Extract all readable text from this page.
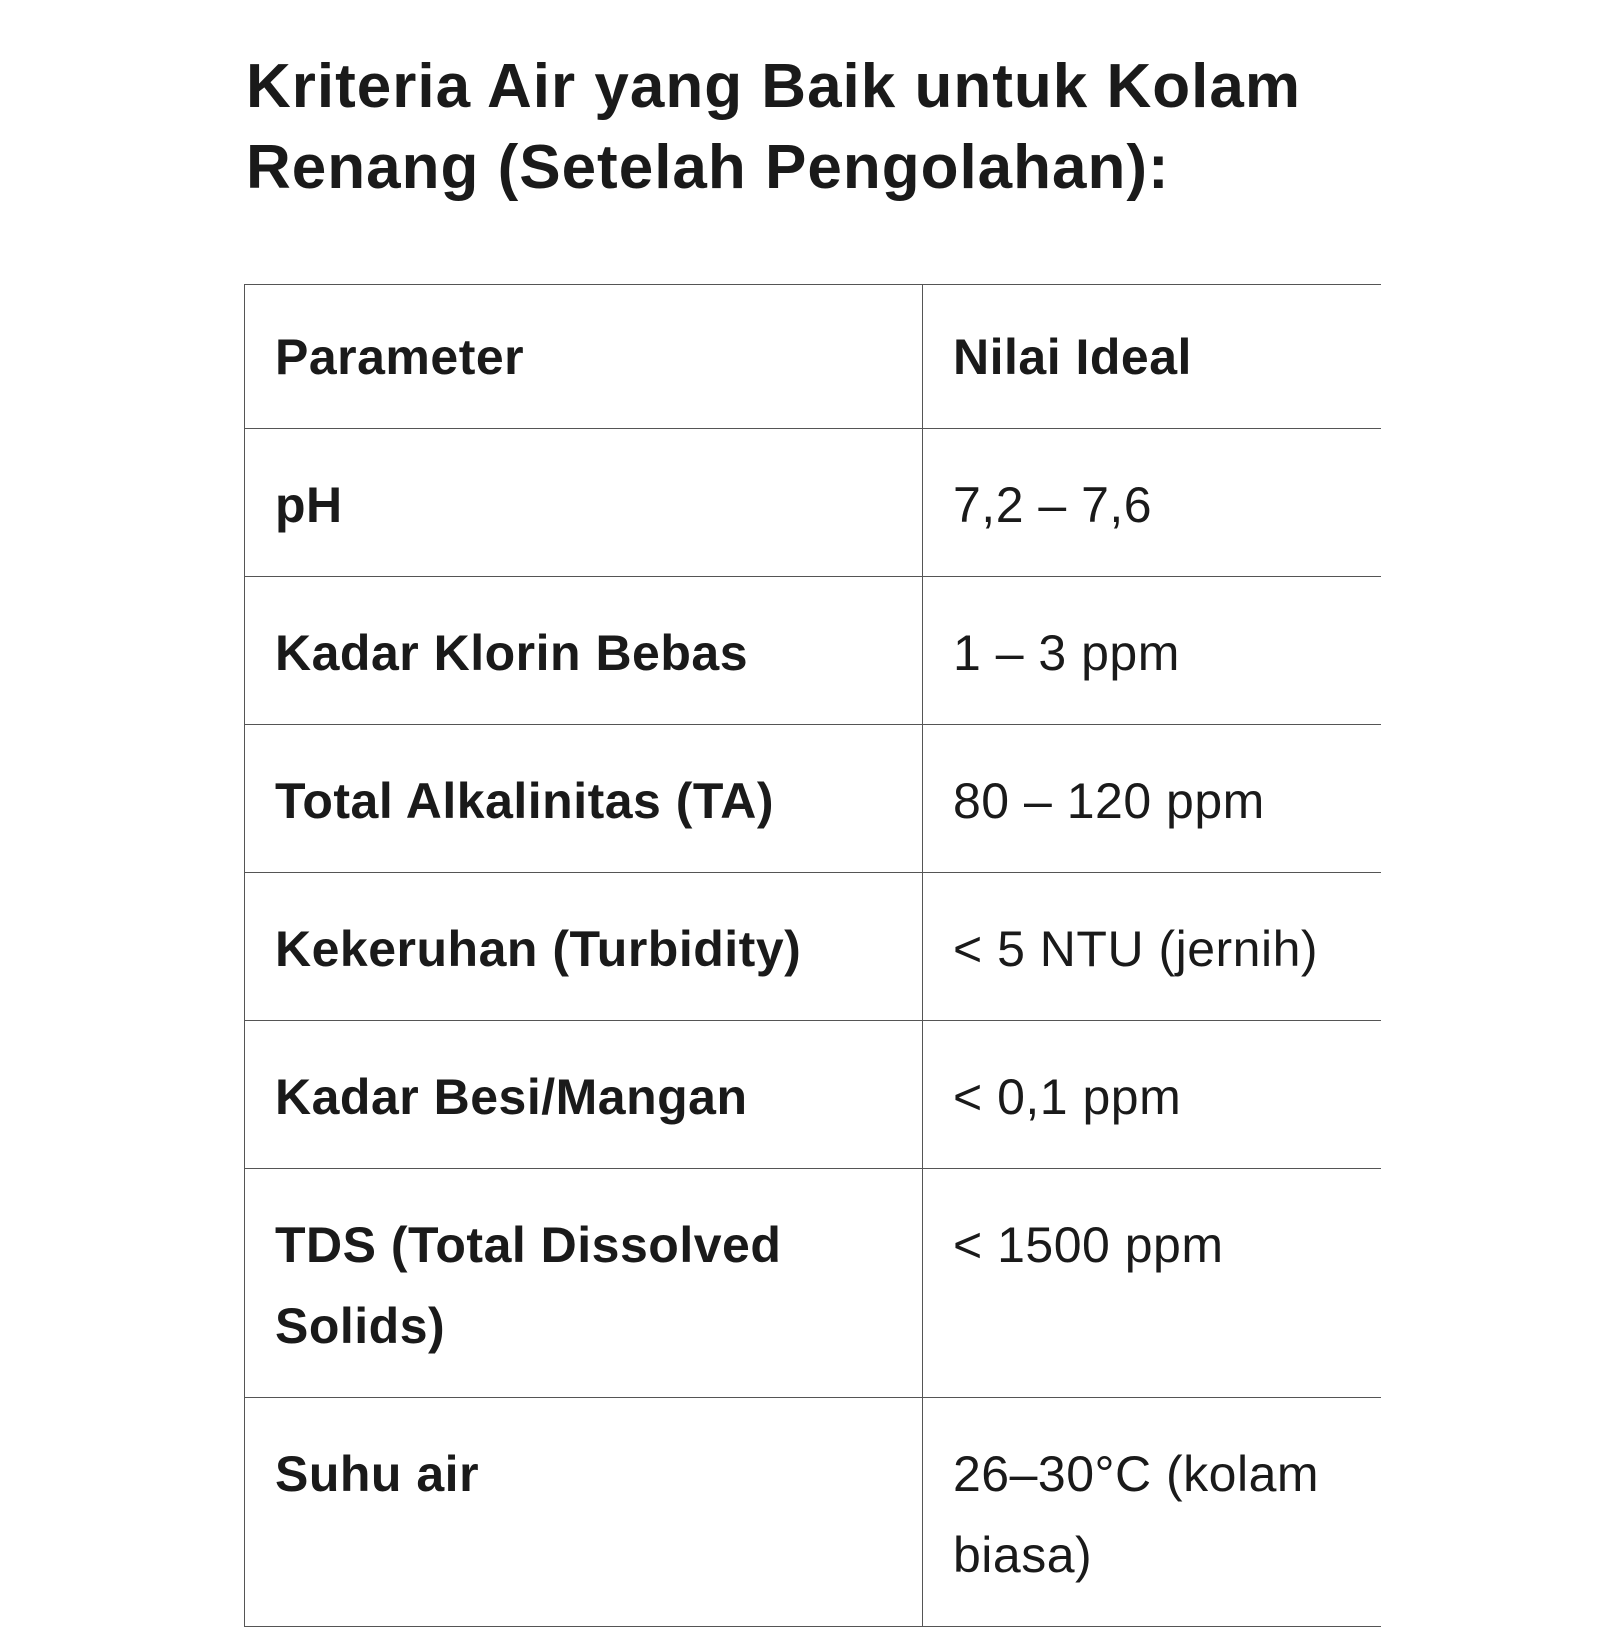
Kriteria Air yang Baik untuk Kolam Renang (Setelah Pengolahan):
Parameter	Nilai Ideal
pH	7,2 – 7,6
Kadar Klorin Bebas	1 – 3 ppm
Total Alkalinitas (TA)	80 – 120 ppm
Kekeruhan (Turbidity)	< 5 NTU (jernih)
Kadar Besi/Mangan	< 0,1 ppm
TDS (Total Dissolved Solids)	< 1500 ppm
Suhu air	26–30°C (kolam biasa)
